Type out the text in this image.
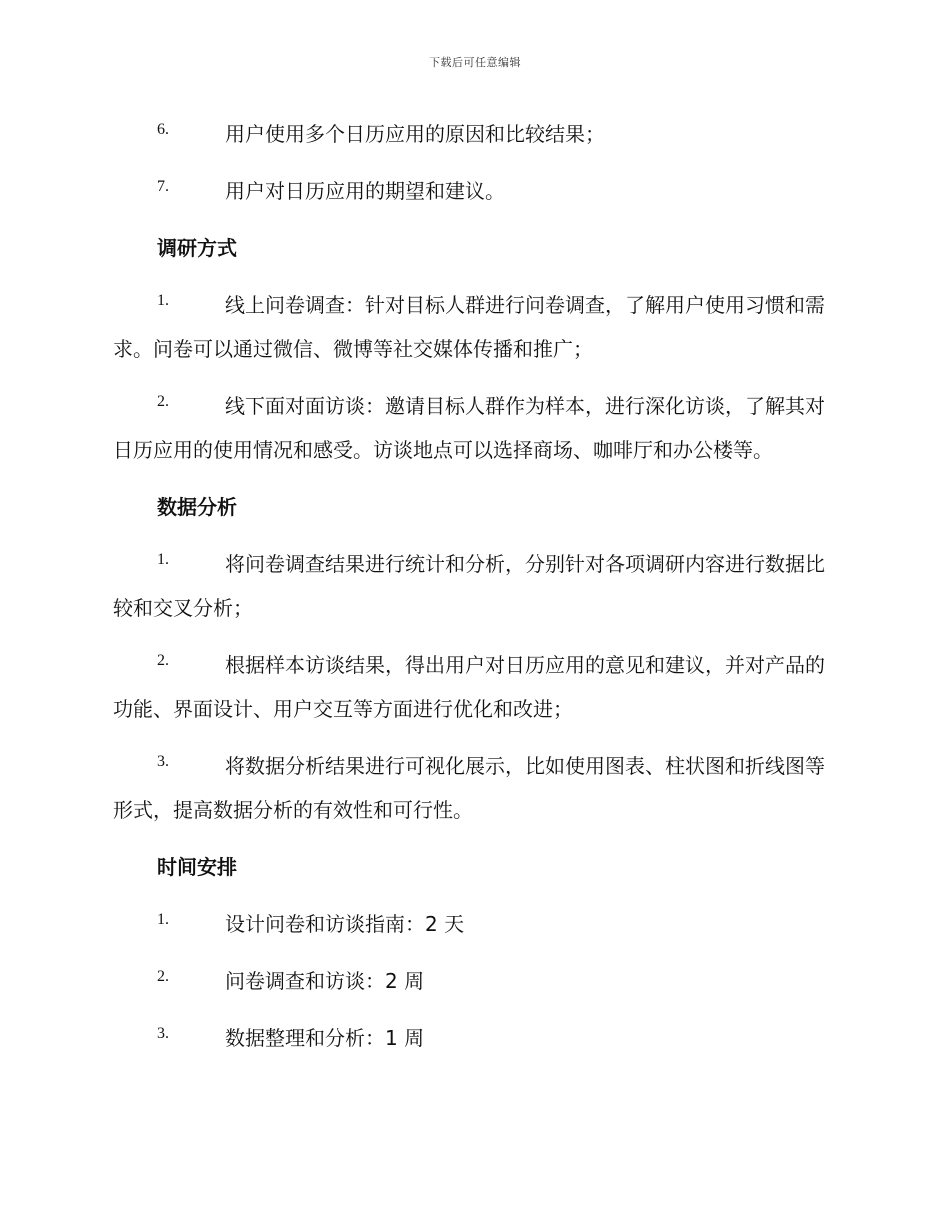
下载后可任意编辑
6.	用户使用多个日历应用的原因和比较结果；
7.	用户对日历应用的期望和建议。
调研方式
1.	线上问卷调查：针对目标人群进行问卷调查，了解用户使用习惯和需求。问卷可以通过微信、微博等社交媒体传播和推广；
2.	线下面对面访谈：邀请目标人群作为样本，进行深化访谈，了解其对日历应用的使用情况和感受。访谈地点可以选择商场、咖啡厅和办公楼等。
数据分析
1.	将问卷调查结果进行统计和分析，分别针对各项调研内容进行数据比较和交叉分析；
2.	根据样本访谈结果，得出用户对日历应用的意见和建议，并对产品的功能、界面设计、用户交互等方面进行优化和改进；
3.	将数据分析结果进行可视化展示，比如使用图表、柱状图和折线图等形式，提高数据分析的有效性和可行性。
时间安排
1.	设计问卷和访谈指南：2 天
2.	问卷调查和访谈：2 周
3.	数据整理和分析：1 周
